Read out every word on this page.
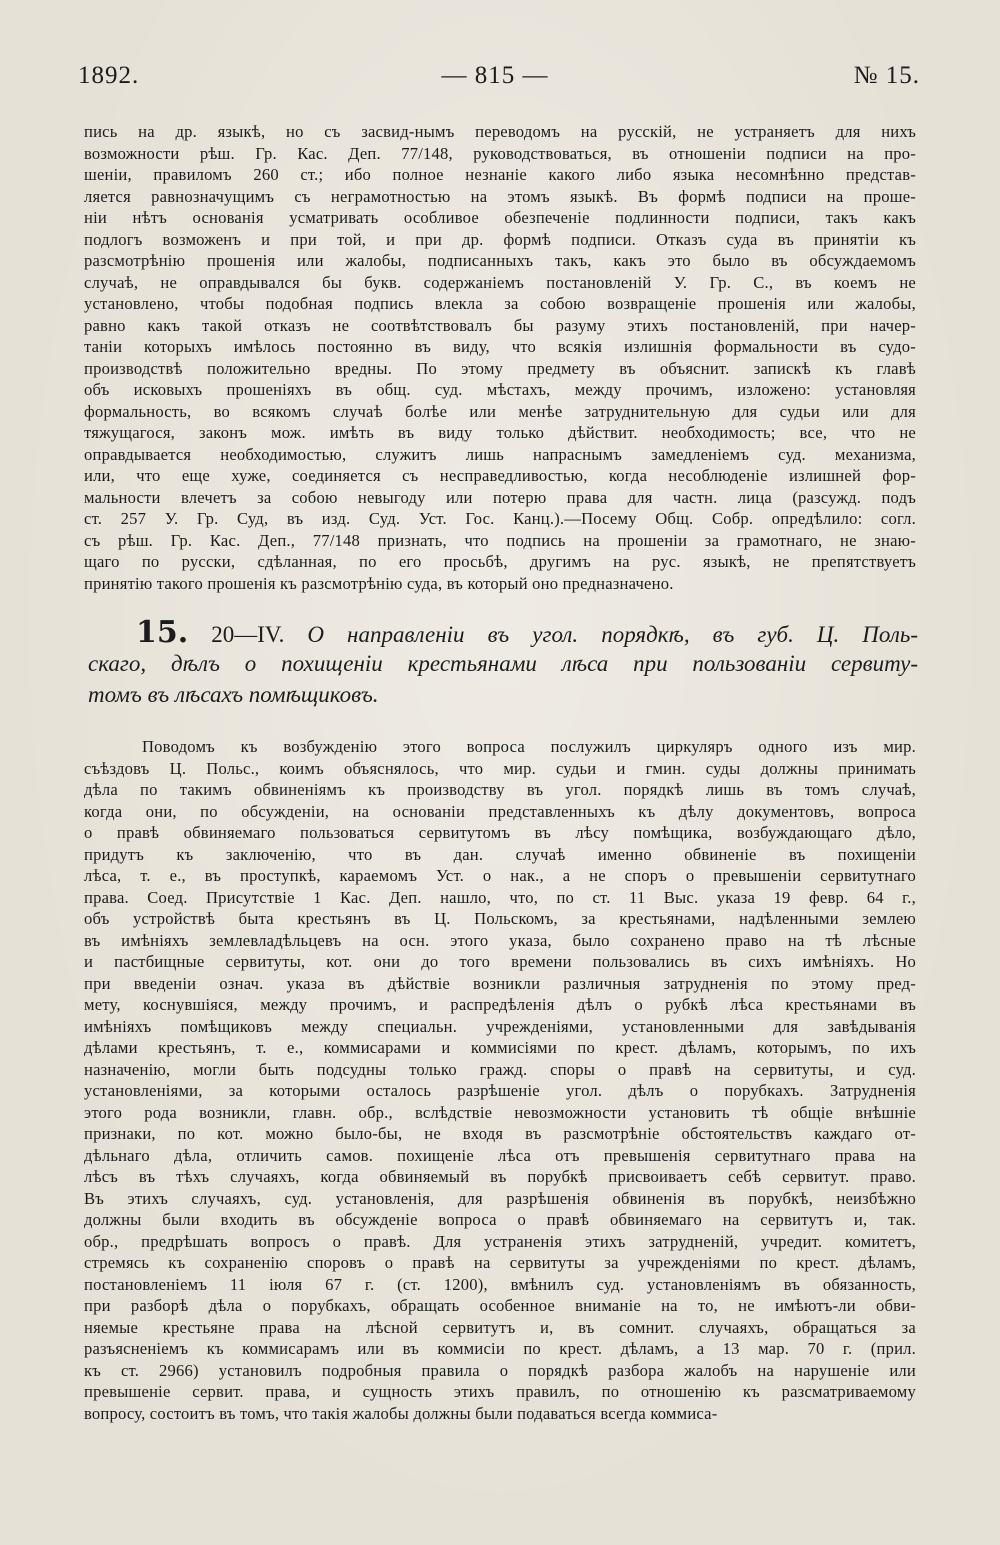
1892.	— 815 —	№ 15.
пись на др. языкѣ, но съ засвид-нымъ переводомъ на русскій, не устраняетъ для нихъ
возможности рѣш. Гр. Кас. Деп. 77/148, руководствоваться, въ отношеніи подписи на про-
шеніи, правиломъ 260 ст.; ибо полное незнаніе какого либо языка несомнѣнно представ-
ляется равнозначущимъ съ неграмотностью на этомъ языкѣ. Въ формѣ подписи на проше-
ніи нѣтъ основанія усматривать особливое обезпеченіе подлинности подписи, такъ какъ
подлогъ возможенъ и при той, и при др. формѣ подписи. Отказъ суда въ принятіи къ
разсмотрѣнію прошенія или жалобы, подписанныхъ такъ, какъ это было въ обсуждаемомъ
случаѣ, не оправдывался бы букв. содержаніемъ постановленій У. Гр. С., въ коемъ не
установлено, чтобы подобная подпись влекла за собою возвращеніе прошенія или жалобы,
равно какъ такой отказъ не соотвѣтствовалъ бы разуму этихъ постановленій, при начер-
таніи которыхъ имѣлось постоянно въ виду, что всякія излишнія формальности въ судо-
производствѣ положительно вредны. По этому предмету въ объяснит. запискѣ къ главѣ
объ исковыхъ прошеніяхъ въ общ. суд. мѣстахъ, между прочимъ, изложено: установляя
формальность, во всякомъ случаѣ болѣе или менѣе затруднительную для судьи или для
тяжущагося, законъ мож. имѣть въ виду только дѣйствит. необходимость; все, что не
оправдывается необходимостью, служитъ лишь напраснымъ замедленіемъ суд. механизма,
или, что еще хуже, соединяется съ несправедливостью, когда несоблюденіе излишней фор-
мальности влечетъ за собою невыгоду или потерю права для частн. лица (разсужд. подъ
ст. 257 У. Гр. Суд, въ изд. Суд. Уст. Гос. Канц.).—Посему Общ. Собр. опредѣлило: согл.
съ рѣш. Гр. Кас. Деп., 77/148 признать, что подпись на прошеніи за грамотнаго, не знаю-
щаго по русски, сдѣланная, по его просьбѣ, другимъ на рус. языкѣ, не препятствуетъ
принятію такого прошенія къ разсмотрѣнію суда, въ который оно предназначено.
15. 20—IV. О направленіи въ угол. порядкѣ, въ губ. Ц. Поль-
скаго, дѣлъ о похищеніи крестьянами лѣса при пользованіи сервиту-
томъ въ лѣсахъ помѣщиковъ.
Поводомъ къ возбужденію этого вопроса послужилъ циркуляръ одного изъ мир.
съѣздовъ Ц. Польс., коимъ объяснялось, что мир. судьи и гмин. суды должны принимать
дѣла по такимъ обвиненіямъ къ производству въ угол. порядкѣ лишь въ томъ случаѣ,
когда они, по обсужденіи, на основаніи представленныхъ къ дѣлу документовъ, вопроса
о правѣ обвиняемаго пользоваться сервитутомъ въ лѣсу помѣщика, возбуждающаго дѣло,
придутъ къ заключенію, что въ дан. случаѣ именно обвиненіе въ похищеніи
лѣса, т. е., въ проступкѣ, караемомъ Уст. о нак., а не споръ о превышеніи сервитутнаго
права. Соед. Присутствіе 1 Кас. Деп. нашло, что, по ст. 11 Выс. указа 19 февр. 64 г.,
объ устройствѣ быта крестьянъ въ Ц. Польскомъ, за крестьянами, надѣленными землею
въ имѣніяхъ землевладѣльцевъ на осн. этого указа, было сохранено право на тѣ лѣсные
и пастбищные сервитуты, кот. они до того времени пользовались въ сихъ имѣніяхъ. Но
при введеніи означ. указа въ дѣйствіе возникли различныя затрудненія по этому пред-
мету, коснувшіяся, между прочимъ, и распредѣленія дѣлъ о рубкѣ лѣса крестьянами въ
имѣніяхъ помѣщиковъ между специальн. учрежденіями, установленными для завѣдыванія
дѣлами крестьянъ, т. е., коммисарами и коммисіями по крест. дѣламъ, которымъ, по ихъ
назначенію, могли быть подсудны только гражд. споры о правѣ на сервитуты, и суд.
установленіями, за которыми осталось разрѣшеніе угол. дѣлъ о порубкахъ. Затрудненія
этого рода возникли, главн. обр., вслѣдствіе невозможности установить тѣ общіе внѣшніе
признаки, по кот. можно было-бы, не входя въ разсмотрѣніе обстоятельствъ каждаго от-
дѣльнаго дѣла, отличить самов. похищеніе лѣса отъ превышенія сервитутнаго права на
лѣсъ въ тѣхъ случаяхъ, когда обвиняемый въ порубкѣ присвоиваетъ себѣ сервитут. право.
Въ этихъ случаяхъ, суд. установленія, для разрѣшенія обвиненія въ порубкѣ, неизбѣжно
должны были входить въ обсужденіе вопроса о правѣ обвиняемаго на сервитутъ и, так.
обр., предрѣшать вопросъ о правѣ. Для устраненія этихъ затрудненій, учредит. комитетъ,
стремясь къ сохраненію споровъ о правѣ на сервитуты за учрежденіями по крест. дѣламъ,
постановленіемъ 11 іюля 67 г. (ст. 1200), вмѣнилъ суд. установленіямъ въ обязанность,
при разборѣ дѣла о порубкахъ, обращать особенное вниманіе на то, не имѣютъ-ли обви-
няемые крестьяне права на лѣсной сервитутъ и, въ сомнит. случаяхъ, обращаться за
разъясненіемъ къ коммисарамъ или въ коммисіи по крест. дѣламъ, а 13 мар. 70 г. (прил.
къ ст. 2966) установилъ подробныя правила о порядкѣ разбора жалобъ на нарушеніе или
превышеніе сервит. права, и сущность этихъ правилъ, по отношенію къ разсматриваемому
вопросу, состоитъ въ томъ, что такія жалобы должны были подаваться всегда коммиса-
